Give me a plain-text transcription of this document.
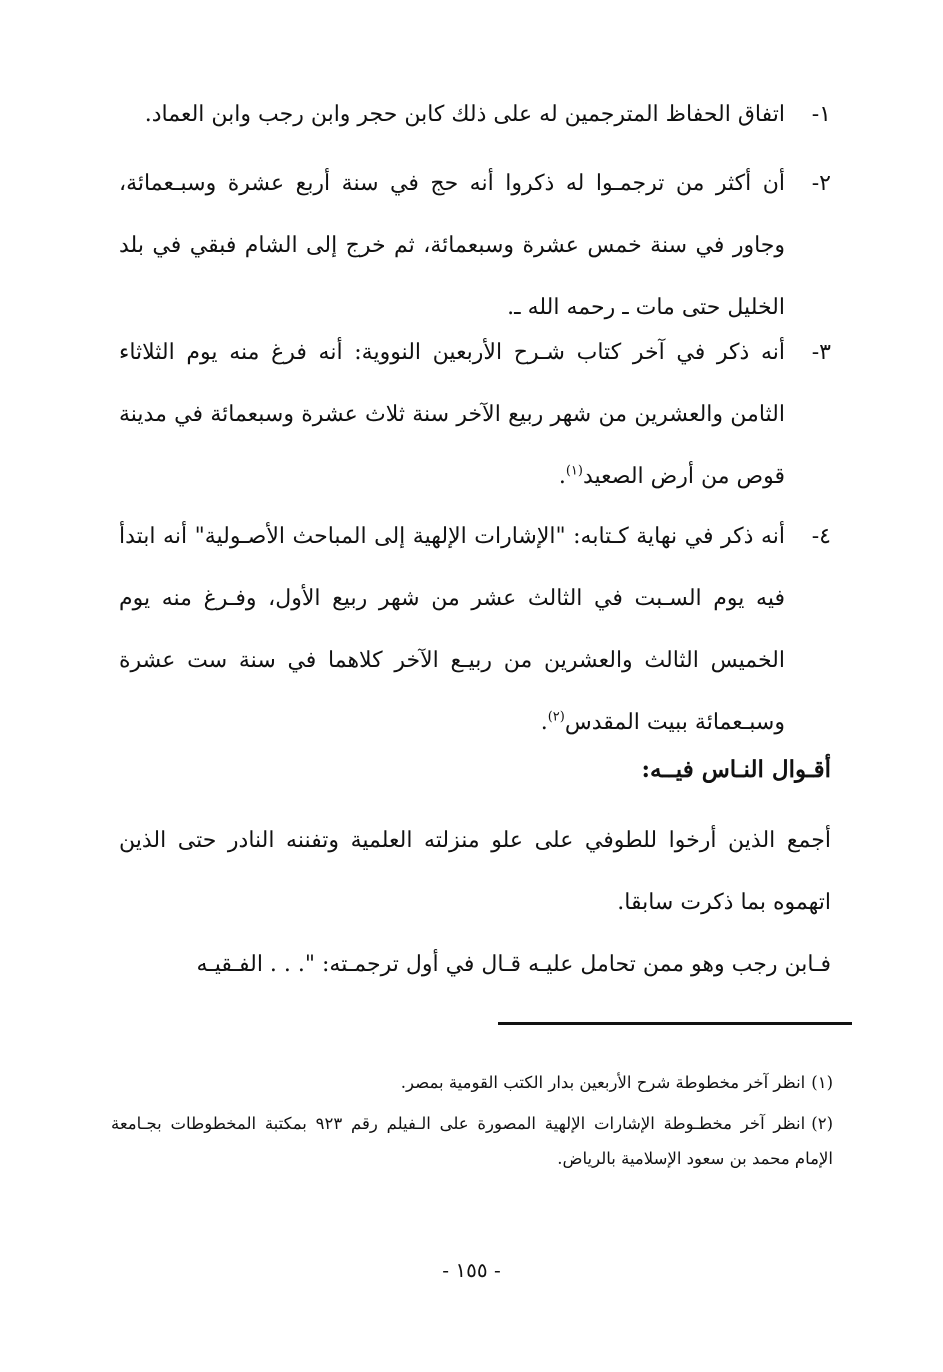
١-
اتفاق الحفاظ المترجمين له على ذلك كابن حجر وابن رجب وابن العماد.
٢-
أن أكثر من ترجمـوا له ذكروا أنه حج في سنة أربع عشرة وسبـعمائة، وجاور في سنة خمس عشرة وسبعمائة، ثم خرج إلى الشام فبقي في بلد الخليل حتى مات ـ رحمه الله ـ.
٣-
أنه ذكر في آخر كتاب شـرح الأربعين النووية: أنه فرغ منه يوم الثلاثاء الثامن والعشرين من شهر ربيع الآخر سنة ثلاث عشرة وسبعمائة في مدينة قوص من أرض الصعيد$^{(١)}$.
٤-
أنه ذكر في نهاية كـتابه: "الإشارات الإلهية إلى المباحث الأصـولية" أنه ابتدأ فيه يوم السـبت في الثالث عشر من شهر ربيع الأول، وفـرغ منه يوم الخميس الثالث والعشرين من ربيـع الآخر كلاهما في سنة ست عشرة وسبـعمائة ببيت المقدس$^{(٢)}$.
أقـوال النـاس فيــه:
أجمع الذين أرخوا للطوفي على علو منزلته العلمية وتفننه النادر حتى الذين اتهموه بما ذكرت سابقا.
فـابن رجب وهو ممن تحامل عليـه قـال في أول ترجمـته: ". . . الفـقيـه
(١)انظر آخر مخطوطة شرح الأربعين بدار الكتب القومية بمصر.
(٢)انظر آخر مخطـوطة الإشارات الإلهية المصورة على الـفيلم رقم ٩٢٣ بمكتبة المخطوطات بجـامعة الإمام محمد بن سعود الإسلامية بالرياض.
- ١٥٥ -
